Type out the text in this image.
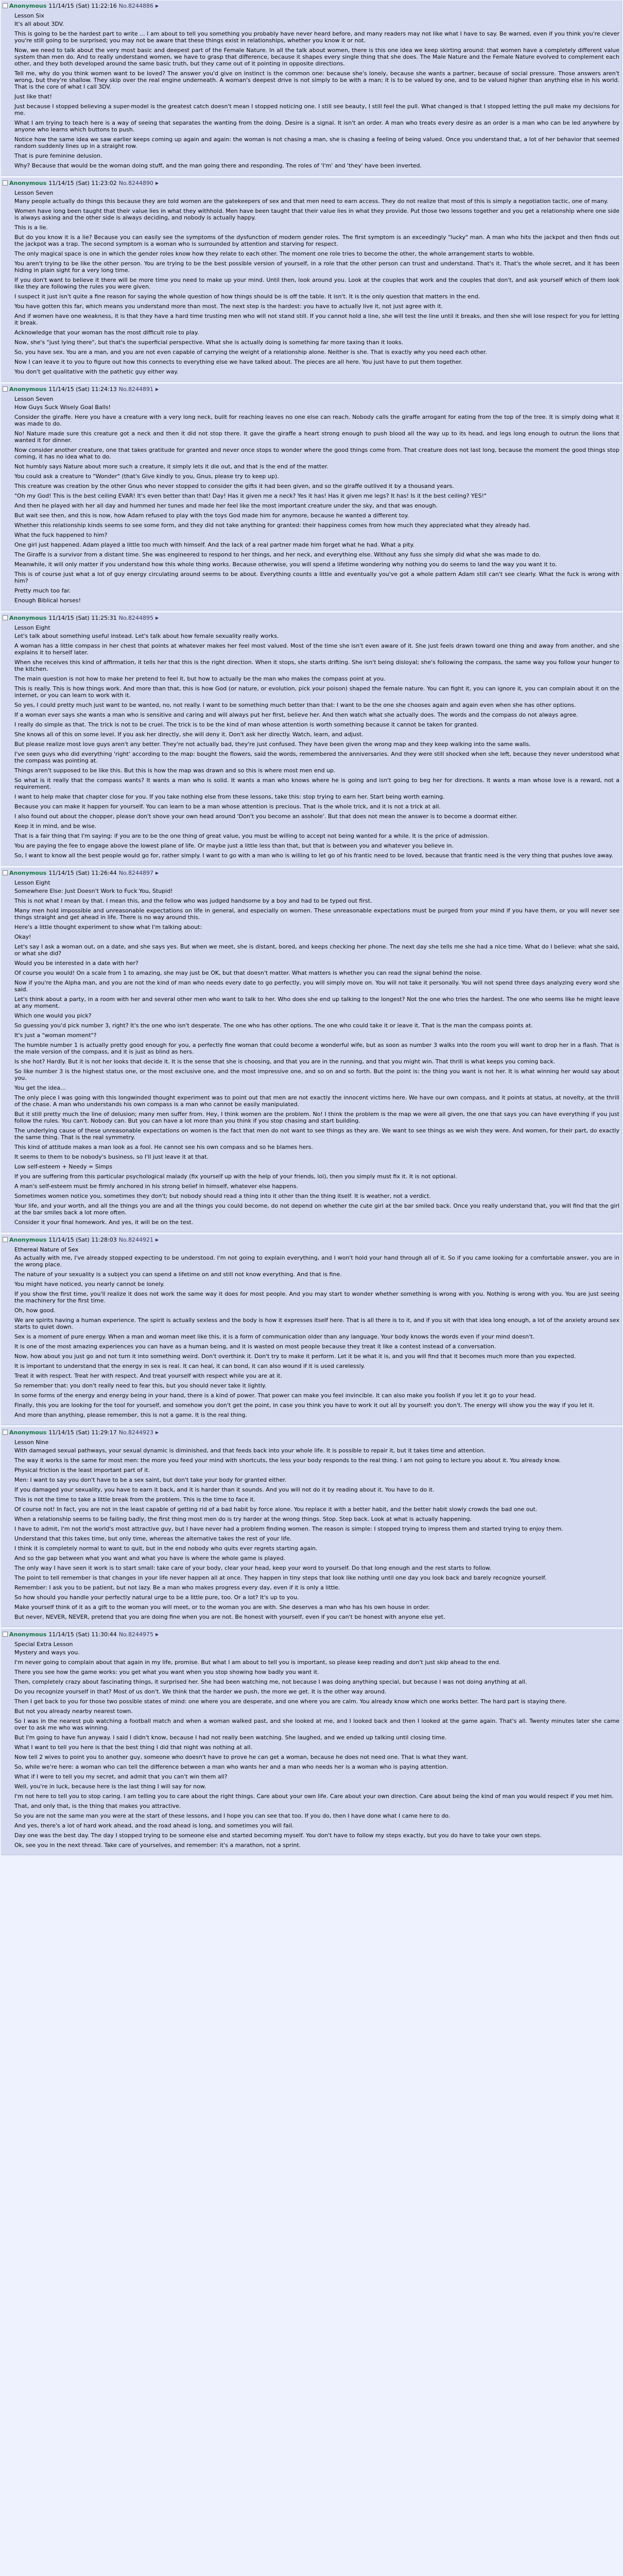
Anonymous 11/14/15 (Sat) 11:22:16 No.8244886 ▶
Lesson Six
It's all about 3DV.
This is going to be the hardest part to write ... I am about to tell you something you probably have never heard before, and many readers may not like what I have to say. Be warned, even if you think you're clever you're still going to be surprised; you may not be aware that these things exist in relationships, whether you know it or not.
Now, we need to talk about the very most basic and deepest part of the Female Nature. In all the talk about women, there is this one idea we keep skirting around: that women have a completely different value system than men do. And to really understand women, we have to grasp that difference, because it shapes every single thing that she does. The Male Nature and the Female Nature evolved to complement each other, and they both developed around the same basic truth, but they came out of it pointing in opposite directions.
Tell me, why do you think women want to be loved? The answer you'd give on instinct is the common one: because she's lonely, because she wants a partner, because of social pressure. Those answers aren't wrong, but they're shallow. They skip over the real engine underneath. A woman's deepest drive is not simply to be with a man; it is to be valued by one, and to be valued higher than anything else in his world. That is the core of what I call 3DV.
Just like that!
Just because I stopped believing a super-model is the greatest catch doesn't mean I stopped noticing one. I still see beauty, I still feel the pull. What changed is that I stopped letting the pull make my decisions for me.
What I am trying to teach here is a way of seeing that separates the wanting from the doing. Desire is a signal. It isn't an order. A man who treats every desire as an order is a man who can be led anywhere by anyone who learns which buttons to push.
Notice how the same idea we saw earlier keeps coming up again and again: the woman is not chasing a man, she is chasing a feeling of being valued. Once you understand that, a lot of her behavior that seemed random suddenly lines up in a straight row.
That is pure feminine delusion.
Why? Because that would be the woman doing stuff, and the man going there and responding. The roles of 'I'm' and 'they' have been inverted.
Anonymous 11/14/15 (Sat) 11:23:02 No.8244890 ▶
Lesson Seven
Many people actually do things this because they are told women are the gatekeepers of sex and that men need to earn access. They do not realize that most of this is simply a negotiation tactic, one of many.
Women have long been taught that their value lies in what they withhold. Men have been taught that their value lies in what they provide. Put those two lessons together and you get a relationship where one side is always asking and the other side is always deciding, and nobody is actually happy.
This is a lie.
But do you know it is a lie? Because you can easily see the symptoms of the dysfunction of modern gender roles. The first symptom is an exceedingly "lucky" man. A man who hits the jackpot and then finds out the jackpot was a trap. The second symptom is a woman who is surrounded by attention and starving for respect.
The only magical space is one in which the gender roles know how they relate to each other. The moment one role tries to become the other, the whole arrangement starts to wobble.
You aren't trying to be like the other person. You are trying to be the best possible version of yourself, in a role that the other person can trust and understand. That's it. That's the whole secret, and it has been hiding in plain sight for a very long time.
If you don't want to believe it there will be more time you need to make up your mind. Until then, look around you. Look at the couples that work and the couples that don't, and ask yourself which of them look like they are following the rules you were given.
I suspect it just isn't quite a fine reason for saying the whole question of how things should be is off the table. It isn't. It is the only question that matters in the end.
You have gotten this far, which means you understand more than most. The next step is the hardest: you have to actually live it, not just agree with it.
And if women have one weakness, it is that they have a hard time trusting men who will not stand still. If you cannot hold a line, she will test the line until it breaks, and then she will lose respect for you for letting it break.
Acknowledge that your woman has the most difficult role to play.
Now, she's "just lying there", but that's the superficial perspective. What she is actually doing is something far more taxing than it looks.
So, you have sex. You are a man, and you are not even capable of carrying the weight of a relationship alone. Neither is she. That is exactly why you need each other.
Now I can leave it to you to figure out how this connects to everything else we have talked about. The pieces are all here. You just have to put them together.
You don't get qualitative with the pathetic guy either way.
Anonymous 11/14/15 (Sat) 11:24:13 No.8244891 ▶
Lesson Seven
How Guys Suck Wisely Goal Balls!
Consider the giraffe. Here you have a creature with a very long neck, built for reaching leaves no one else can reach. Nobody calls the giraffe arrogant for eating from the top of the tree. It is simply doing what it was made to do.
No! Nature made sure this creature got a neck and then it did not stop there. It gave the giraffe a heart strong enough to push blood all the way up to its head, and legs long enough to outrun the lions that wanted it for dinner.
Now consider another creature, one that takes gratitude for granted and never once stops to wonder where the good things come from. That creature does not last long, because the moment the good things stop coming, it has no idea what to do.
Not humbly says Nature about more such a creature, it simply lets it die out, and that is the end of the matter.
You could ask a creature to "Wonder" (that's Give kindly to you, Gnus, please try to keep up).
This creature was creation by the other Gnus who never stopped to consider the gifts it had been given, and so the giraffe outlived it by a thousand years.
"Oh my God! This is the best ceiling EVAR! It's even better than that! Day! Has it given me a neck? Yes it has! Has it given me legs? It has! Is it the best ceiling? YES!"
And then he played with her all day and hummed her tunes and made her feel like the most important creature under the sky, and that was enough.
But wait see then, and this is now, how Adam refused to play with the toys God made him for anymore, because he wanted a different toy.
Whether this relationship kinds seems to see some form, and they did not take anything for granted: their happiness comes from how much they appreciated what they already had.
What the fuck happened to him?
One girl just happened. Adam played a little too much with himself. And the lack of a real partner made him forget what he had. What a pity.
The Giraffe is a survivor from a distant time. She was engineered to respond to her things, and her neck, and everything else. Without any fuss she simply did what she was made to do.
Meanwhile, it will only matter if you understand how this whole thing works. Because otherwise, you will spend a lifetime wondering why nothing you do seems to land the way you want it to.
This is of course just what a lot of guy energy circulating around seems to be about. Everything counts a little and eventually you've got a whole pattern Adam still can't see clearly. What the fuck is wrong with him?
Pretty much too far.
Enough Biblical horses!
Anonymous 11/14/15 (Sat) 11:25:31 No.8244895 ▶
Lesson Eight
Let's talk about something useful instead. Let's talk about how female sexuality really works.
A woman has a little compass in her chest that points at whatever makes her feel most valued. Most of the time she isn't even aware of it. She just feels drawn toward one thing and away from another, and she explains it to herself later.
When she receives this kind of affirmation, it tells her that this is the right direction. When it stops, she starts drifting. She isn't being disloyal; she's following the compass, the same way you follow your hunger to the kitchen.
The main question is not how to make her pretend to feel it, but how to actually be the man who makes the compass point at you.
This is really. This is how things work. And more than that, this is how God (or nature, or evolution, pick your poison) shaped the female nature. You can fight it, you can ignore it, you can complain about it on the internet, or you can learn to work with it.
So yes, I could pretty much just want to be wanted, no, not really. I want to be something much better than that: I want to be the one she chooses again and again even when she has other options.
If a woman ever says she wants a man who is sensitive and caring and will always put her first, believe her. And then watch what she actually does. The words and the compass do not always agree.
I really do simple as that. The trick is not to be cruel. The trick is to be the kind of man whose attention is worth something because it cannot be taken for granted.
She knows all of this on some level. If you ask her directly, she will deny it. Don't ask her directly. Watch, learn, and adjust.
But please realize most love guys aren't any better. They're not actually bad, they're just confused. They have been given the wrong map and they keep walking into the same walls.
I've seen guys who did everything 'right' according to the map: bought the flowers, said the words, remembered the anniversaries. And they were still shocked when she left, because they never understood what the compass was pointing at.
Things aren't supposed to be like this. But this is how the map was drawn and so this is where most men end up.
So what is it really that the compass wants? It wants a man who is solid. It wants a man who knows where he is going and isn't going to beg her for directions. It wants a man whose love is a reward, not a requirement.
I want to help make that chapter close for you. If you take nothing else from these lessons, take this: stop trying to earn her. Start being worth earning.
Because you can make it happen for yourself. You can learn to be a man whose attention is precious. That is the whole trick, and it is not a trick at all.
I also found out about the chopper, please don't shove your own head around 'Don't you become an asshole'. But that does not mean the answer is to become a doormat either.
Keep it in mind, and be wise.
That is a fair thing that I'm saying: if you are to be the one thing of great value, you must be willing to accept not being wanted for a while. It is the price of admission.
You are paying the fee to engage above the lowest plane of life. Or maybe just a little less than that, but that is between you and whatever you believe in.
So, I want to know all the best people would go for, rather simply. I want to go with a man who is willing to let go of his frantic need to be loved, because that frantic need is the very thing that pushes love away.
Anonymous 11/14/15 (Sat) 11:26:44 No.8244897 ▶
Lesson Eight
Somewhere Else: Just Doesn't Work to Fuck You, Stupid!
This is not what I mean by that. I mean this, and the fellow who was judged handsome by a boy and had to be typed out first.
Many men hold impossible and unreasonable expectations on life in general, and especially on women. These unreasonable expectations must be purged from your mind if you have them, or you will never see things straight and get ahead in life. There is no way around this.
Here's a little thought experiment to show what I'm talking about:
Okay!
Let's say I ask a woman out, on a date, and she says yes. But when we meet, she is distant, bored, and keeps checking her phone. The next day she tells me she had a nice time. What do I believe: what she said, or what she did?
Would you be interested in a date with her?
Of course you would! On a scale from 1 to amazing, she may just be OK, but that doesn't matter. What matters is whether you can read the signal behind the noise.
Now if you're the Alpha man, and you are not the kind of man who needs every date to go perfectly, you will simply move on. You will not take it personally. You will not spend three days analyzing every word she said.
Let's think about a party, in a room with her and several other men who want to talk to her. Who does she end up talking to the longest? Not the one who tries the hardest. The one who seems like he might leave at any moment.
Which one would you pick?
So guessing you'd pick number 3, right? It's the one who isn't desperate. The one who has other options. The one who could take it or leave it. That is the man the compass points at.
It's just a "woman moment"?
The humble number 1 is actually pretty good enough for you, a perfectly fine woman that could become a wonderful wife, but as soon as number 3 walks into the room you will want to drop her in a flash. That is the male version of the compass, and it is just as blind as hers.
Is she hot? Hardly. But it is not her looks that decide it. It is the sense that she is choosing, and that you are in the running, and that you might win. That thrill is what keeps you coming back.
So like number 3 is the highest status one, or the most exclusive one, and the most impressive one, and so on and so forth. But the point is: the thing you want is not her. It is what winning her would say about you.
You get the idea...
The only piece I was going with this longwinded thought experiment was to point out that men are not exactly the innocent victims here. We have our own compass, and it points at status, at novelty, at the thrill of the chase. A man who understands his own compass is a man who cannot be easily manipulated.
But it still pretty much the line of delusion; many men suffer from. Hey, I think women are the problem. No! I think the problem is the map we were all given, the one that says you can have everything if you just follow the rules. You can't. Nobody can. But you can have a lot more than you think if you stop chasing and start building.
The underlying cause of these unreasonable expectations on women is the fact that men do not want to see things as they are. We want to see things as we wish they were. And women, for their part, do exactly the same thing. That is the real symmetry.
This kind of attitude makes a man look as a fool. He cannot see his own compass and so he blames hers.
It seems to them to be nobody's business, so I'll just leave it at that.
Low self-esteem + Needy = Simps
If you are suffering from this particular psychological malady (fix yourself up with the help of your friends, lol), then you simply must fix it. It is not optional.
A man's self-esteem must be firmly anchored in his strong belief in himself, whatever else happens.
Sometimes women notice you, sometimes they don't; but nobody should read a thing into it other than the thing itself. It is weather, not a verdict.
Your life, and your worth, and all the things you are and all the things you could become, do not depend on whether the cute girl at the bar smiled back. Once you really understand that, you will find that the girl at the bar smiles back a lot more often.
Consider it your final homework. And yes, it will be on the test.
Anonymous 11/14/15 (Sat) 11:28:03 No.8244921 ▶
Ethereal Nature of Sex
As actually with me, I've already stopped expecting to be understood. I'm not going to explain everything, and I won't hold your hand through all of it. So if you came looking for a comfortable answer, you are in the wrong place.
The nature of your sexuality is a subject you can spend a lifetime on and still not know everything. And that is fine.
You might have noticed, you nearly cannot be lonely.
If you show the first time, you'll realize it does not work the same way it does for most people. And you may start to wonder whether something is wrong with you. Nothing is wrong with you. You are just seeing the machinery for the first time.
Oh, how good.
We are spirits having a human experience. The spirit is actually sexless and the body is how it expresses itself here. That is all there is to it, and if you sit with that idea long enough, a lot of the anxiety around sex starts to quiet down.
Sex is a moment of pure energy. When a man and woman meet like this, it is a form of communication older than any language. Your body knows the words even if your mind doesn't.
It is one of the most amazing experiences you can have as a human being, and it is wasted on most people because they treat it like a contest instead of a conversation.
Now, how about you just go and not turn it into something weird. Don't overthink it. Don't try to make it perform. Let it be what it is, and you will find that it becomes much more than you expected.
It is important to understand that the energy in sex is real. It can heal, it can bond, it can also wound if it is used carelessly.
Treat it with respect. Treat her with respect. And treat yourself with respect while you are at it.
So remember that: you don't really need to fear this, but you should never take it lightly.
In some forms of the energy and energy being in your hand, there is a kind of power. That power can make you feel invincible. It can also make you foolish if you let it go to your head.
Finally, this you are looking for the tool for yourself, and somehow you don't get the point, in case you think you have to work it out all by yourself: you don't. The energy will show you the way if you let it.
And more than anything, please remember, this is not a game. It is the real thing.
Anonymous 11/14/15 (Sat) 11:29:17 No.8244923 ▶
Lesson Nine
With damaged sexual pathways, your sexual dynamic is diminished, and that feeds back into your whole life. It is possible to repair it, but it takes time and attention.
The way it works is the same for most men: the more you feed your mind with shortcuts, the less your body responds to the real thing. I am not going to lecture you about it. You already know.
Physical friction is the least important part of it.
Men: I want to say you don't have to be a sex saint, but don't take your body for granted either.
If you damaged your sexuality, you have to earn it back, and it is harder than it sounds. And you will not do it by reading about it. You have to do it.
This is not the time to take a little break from the problem. This is the time to face it.
Of course not! In fact, you are not in the least capable of getting rid of a bad habit by force alone. You replace it with a better habit, and the better habit slowly crowds the bad one out.
When a relationship seems to be failing badly, the first thing most men do is try harder at the wrong things. Stop. Step back. Look at what is actually happening.
I have to admit, I'm not the world's most attractive guy, but I have never had a problem finding women. The reason is simple: I stopped trying to impress them and started trying to enjoy them.
Understand that this takes time, but only time, whereas the alternative takes the rest of your life.
I think it is completely normal to want to quit, but in the end nobody who quits ever regrets starting again.
And so the gap between what you want and what you have is where the whole game is played.
The only way I have seen it work is to start small: take care of your body, clear your head, keep your word to yourself. Do that long enough and the rest starts to follow.
The point to tell remember is that changes in your life never happen all at once. They happen in tiny steps that look like nothing until one day you look back and barely recognize yourself.
Remember: I ask you to be patient, but not lazy. Be a man who makes progress every day, even if it is only a little.
So how should you handle your perfectly natural urge to be a little pure, too. Or a lot? It's up to you.
Make yourself think of it as a gift to the woman you will meet, or to the woman you are with. She deserves a man who has his own house in order.
But never, NEVER, NEVER, pretend that you are doing fine when you are not. Be honest with yourself, even if you can't be honest with anyone else yet.
Anonymous 11/14/15 (Sat) 11:30:44 No.8244975 ▶
Special Extra Lesson
Mystery and ways you.
I'm never going to complain about that again in my life, promise. But what I am about to tell you is important, so please keep reading and don't just skip ahead to the end.
There you see how the game works: you get what you want when you stop showing how badly you want it.
Then, completely crazy about fascinating things, it surprised her. She had been watching me, not because I was doing anything special, but because I was not doing anything at all.
Do you recognize yourself in that? Most of us don't. We think that the harder we push, the more we get. It is the other way around.
Then I get back to you for those two possible states of mind: one where you are desperate, and one where you are calm. You already know which one works better. The hard part is staying there.
But not you already nearby nearest town.
So I was in the nearest pub watching a football match and when a woman walked past, and she looked at me, and I looked back and then I looked at the game again. That's all. Twenty minutes later she came over to ask me who was winning.
But I'm going to have fun anyway. I said I didn't know, because I had not really been watching. She laughed, and we ended up talking until closing time.
What I want to tell you here is that the best thing I did that night was nothing at all.
Now tell 2 wives to point you to another guy, someone who doesn't have to prove he can get a woman, because he does not need one. That is what they want.
So, while we're here: a woman who can tell the difference between a man who wants her and a man who needs her is a woman who is paying attention.
What if I were to tell you my secret, and admit that you can't win them all?
Well, you're in luck, because here is the last thing I will say for now.
I'm not here to tell you to stop caring. I am telling you to care about the right things. Care about your own life. Care about your own direction. Care about being the kind of man you would respect if you met him.
That, and only that, is the thing that makes you attractive.
So you are not the same man you were at the start of these lessons, and I hope you can see that too. If you do, then I have done what I came here to do.
And yes, there's a lot of hard work ahead, and the road ahead is long, and sometimes you will fail.
Day one was the best day. The day I stopped trying to be someone else and started becoming myself. You don't have to follow my steps exactly, but you do have to take your own steps.
Ok, see you in the next thread. Take care of yourselves, and remember: it's a marathon, not a sprint.
